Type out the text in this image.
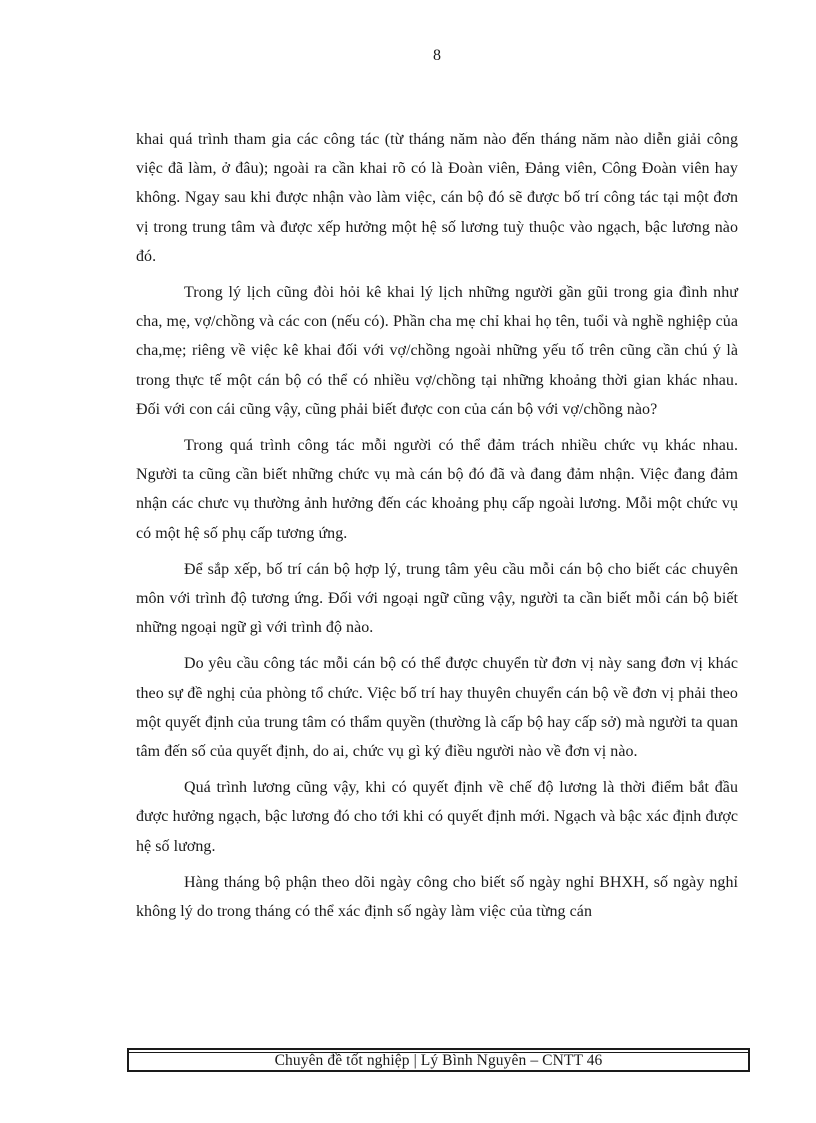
8

khai quá trình tham gia các công tác (từ tháng năm nào đến tháng năm nào diễn giải công việc đã làm, ở đâu); ngoài ra cần khai rõ có là Đoàn viên, Đảng viên, Công Đoàn viên hay không. Ngay sau khi được nhận vào làm việc, cán bộ đó sẽ được bố trí công tác tại một đơn vị trong trung tâm và được xếp hưởng một hệ số lương tuỳ thuộc vào ngạch, bậc lương nào đó.

Trong lý lịch cũng đòi hỏi kê khai lý lịch những người gần gũi trong gia đình như cha, mẹ, vợ/chồng và các con (nếu có). Phần cha mẹ chỉ khai họ tên, tuổi và nghề nghiệp của cha,mẹ; riêng về việc kê khai đối với vợ/chồng ngoài những yếu tố trên cũng cần chú ý là trong thực tế một cán bộ có thể có nhiều vợ/chồng tại những khoảng thời gian khác nhau. Đối với con cái cũng vậy, cũng phải biết được con của cán bộ với vợ/chồng nào?

Trong quá trình công tác mỗi người có thể đảm trách nhiều chức vụ khác nhau. Người ta cũng cần biết những chức vụ mà cán bộ đó đã và đang đảm nhận. Việc đang đảm nhận các chưc vụ thường ảnh hưởng đến các khoảng phụ cấp ngoài lương. Mỗi một chức vụ có một hệ số phụ cấp tương ứng.

Để sắp xếp, bố trí cán bộ hợp lý, trung tâm yêu cầu mỗi cán bộ cho biết các chuyên môn với trình độ tương ứng. Đối với ngoại ngữ cũng vậy, người ta cần biết mỗi cán bộ biết những ngoại ngữ gì với trình độ nào.

Do yêu cầu công tác mỗi cán bộ có thể được chuyển từ đơn vị này sang đơn vị khác theo sự đề nghị của phòng tổ chức. Việc bố trí hay thuyên chuyển cán bộ về đơn vị phải theo một quyết định của trung tâm có thẩm quyền (thường là cấp bộ hay cấp sở) mà người ta quan tâm đến số của quyết định, do ai, chức vụ gì ký điều người nào về đơn vị nào.

Quá trình lương cũng vậy, khi có quyết định về chế độ lương là thời điểm bắt đầu được hưởng ngạch, bậc lương đó cho tới khi có quyết định mới. Ngạch và bậc xác định được hệ số lương.

Hàng tháng bộ phận theo dõi ngày công cho biết số ngày nghỉ BHXH, số ngày nghỉ không lý do trong tháng có thể xác định số ngày làm việc của từng cán

Chuyên đề tốt nghiệp | Lý Bình Nguyên – CNTT 46
